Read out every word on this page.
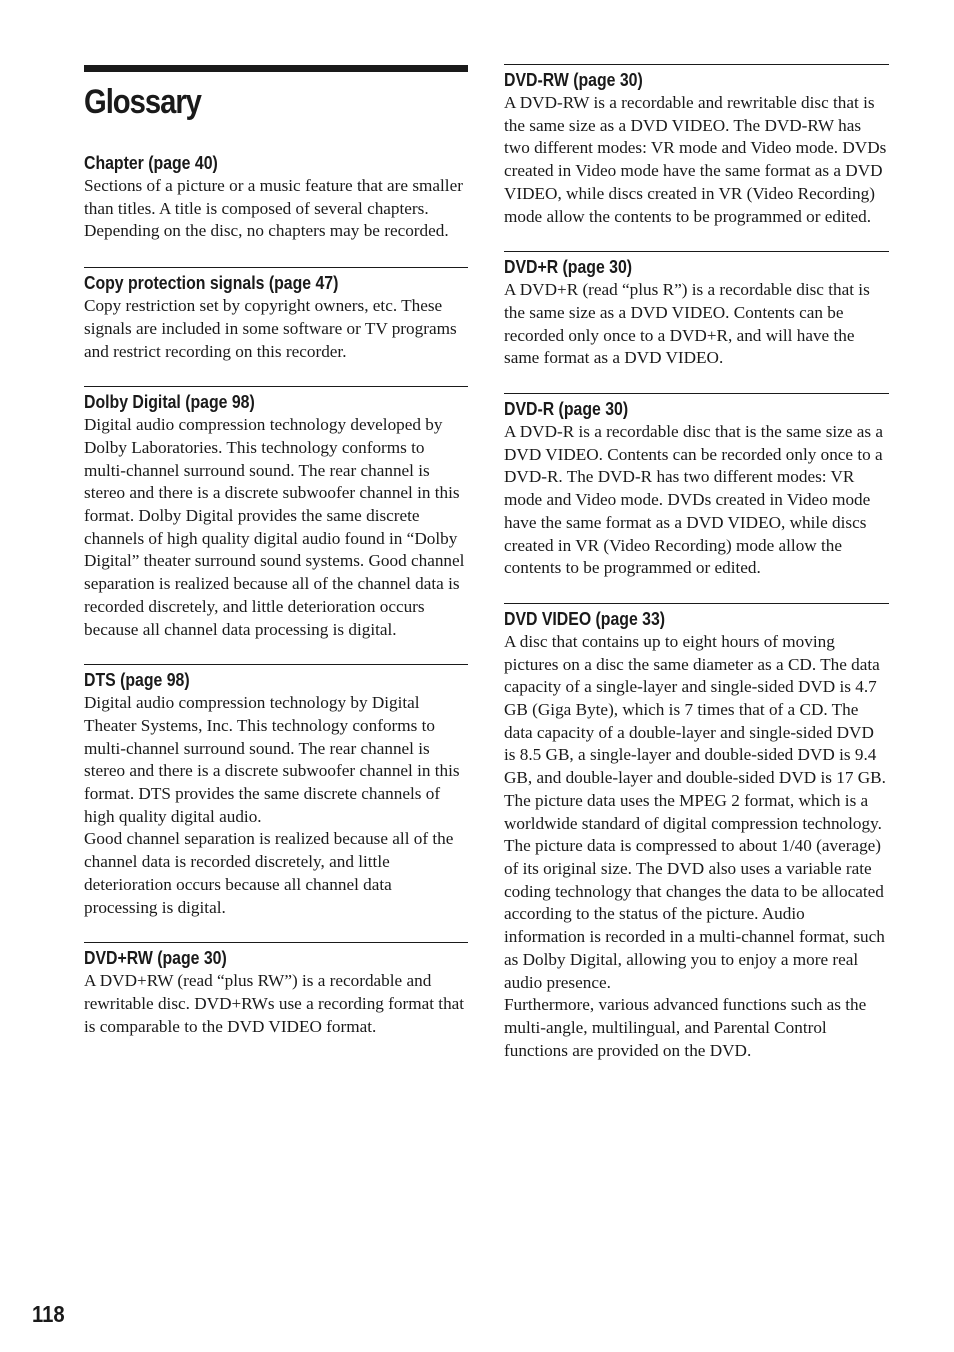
Glossary
Chapter (page 40)

Sections of a picture or a music feature that are smaller than titles. A title is composed of several chapters. Depending on the disc, no chapters may be recorded.

Copy protection signals (page 47)

Copy restriction set by copyright owners, etc. These signals are included in some software or TV programs and restrict recording on this recorder.

Dolby Digital (page 98)

Digital audio compression technology developed by Dolby Laboratories. This technology conforms to multi-channel surround sound. The rear channel is stereo and there is a discrete subwoofer channel in this format. Dolby Digital provides the same discrete channels of high quality digital audio found in “Dolby Digital” theater surround sound systems. Good channel separation is realized because all of the channel data is recorded discretely, and little deterioration occurs because all channel data processing is digital.

DTS (page 98)

Digital audio compression technology by Digital Theater Systems, Inc. This technology conforms to multi-channel surround sound. The rear channel is stereo and there is a discrete subwoofer channel in this format. DTS provides the same discrete channels of high quality digital audio.

Good channel separation is realized because all of the channel data is recorded discretely, and little deterioration occurs because all channel data processing is digital.

DVD+RW (page 30)

A DVD+RW (read “plus RW”) is a recordable and rewritable disc. DVD+RWs use a recording format that is comparable to the DVD VIDEO format.

DVD-RW (page 30)

A DVD-RW is a recordable and rewritable disc that is the same size as a DVD VIDEO. The DVD-RW has two different modes: VR mode and Video mode. DVDs created in Video mode have the same format as a DVD VIDEO, while discs created in VR (Video Recording) mode allow the contents to be programmed or edited.

DVD+R (page 30)

A DVD+R (read “plus R”) is a recordable disc that is the same size as a DVD VIDEO. Contents can be recorded only once to a DVD+R, and will have the same format as a DVD VIDEO.

DVD-R (page 30)

A DVD-R is a recordable disc that is the same size as a DVD VIDEO. Contents can be recorded only once to a DVD-R. The DVD-R has two different modes: VR mode and Video mode. DVDs created in Video mode have the same format as a DVD VIDEO, while discs created in VR (Video Recording) mode allow the contents to be programmed or edited.

DVD VIDEO (page 33)

A disc that contains up to eight hours of moving pictures on a disc the same diameter as a CD. The data capacity of a single-layer and single-sided DVD is 4.7 GB (Giga Byte), which is 7 times that of a CD. The data capacity of a double-layer and single-sided DVD is 8.5 GB, a single-layer and double-sided DVD is 9.4 GB, and double-layer and double-sided DVD is 17 GB. The picture data uses the MPEG 2 format, which is a worldwide standard of digital compression technology. The picture data is compressed to about 1/40 (average) of its original size. The DVD also uses a variable rate coding technology that changes the data to be allocated according to the status of the picture. Audio information is recorded in a multi-channel format, such as Dolby Digital, allowing you to enjoy a more real audio presence.

Furthermore, various advanced functions such as the multi-angle, multilingual, and Parental Control functions are provided on the DVD.

118
